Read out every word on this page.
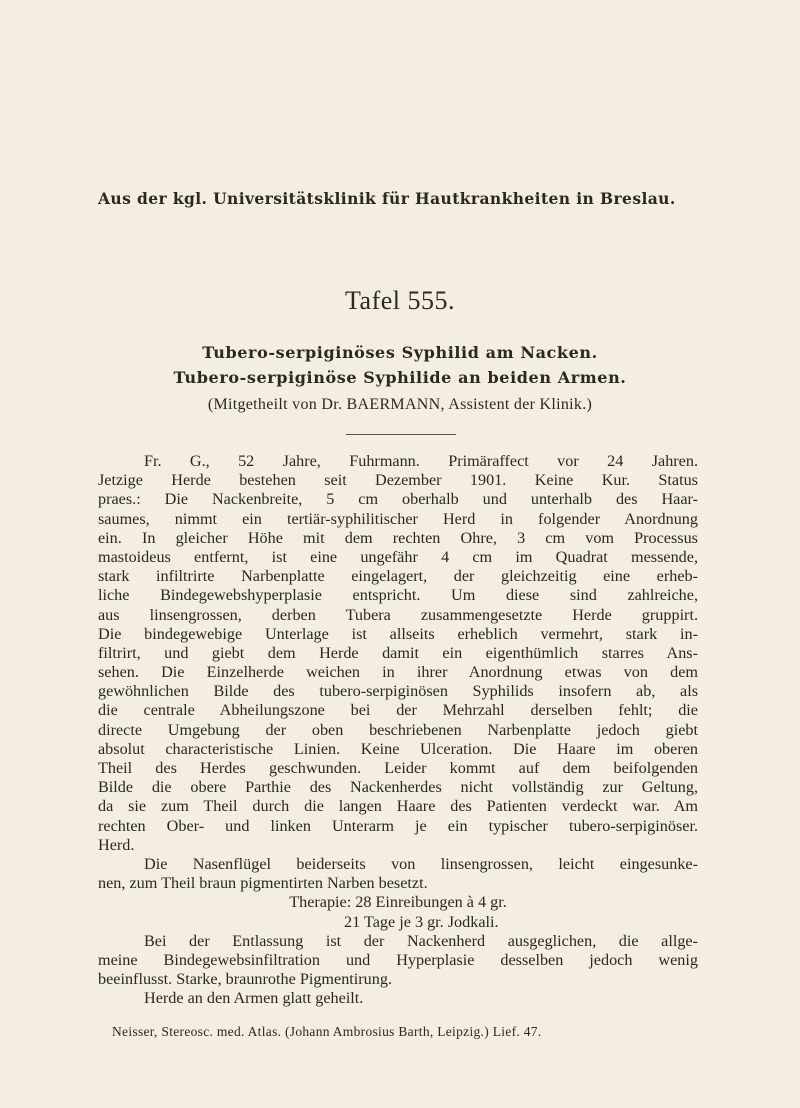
Aus der kgl. Universitätsklinik für Hautkrankheiten in Breslau.
Tafel 555.
Tubero-serpiginöses Syphilid am Nacken.
Tubero-serpiginöse Syphilide an beiden Armen.
(Mitgetheilt von Dr. BAERMANN, Assistent der Klinik.)
Fr. G., 52 Jahre, Fuhrmann. Primäraffect vor 24 Jahren.
Jetzige Herde bestehen seit Dezember 1901. Keine Kur. Status
praes.: Die Nackenbreite, 5 cm oberhalb und unterhalb des Haar-
saumes, nimmt ein tertiär-syphilitischer Herd in folgender Anordnung
ein. In gleicher Höhe mit dem rechten Ohre, 3 cm vom Processus
mastoideus entfernt, ist eine ungefähr 4 cm im Quadrat messende,
stark infiltrirte Narbenplatte eingelagert, der gleichzeitig eine erheb-
liche Bindegewebshyperplasie entspricht. Um diese sind zahlreiche,
aus linsengrossen, derben Tubera zusammengesetzte Herde gruppirt.
Die bindegewebige Unterlage ist allseits erheblich vermehrt, stark in-
filtrirt, und giebt dem Herde damit ein eigenthümlich starres Ans-
sehen. Die Einzelherde weichen in ihrer Anordnung etwas von dem
gewöhnlichen Bilde des tubero-serpiginösen Syphilids insofern ab, als
die centrale Abheilungszone bei der Mehrzahl derselben fehlt; die
directe Umgebung der oben beschriebenen Narbenplatte jedoch giebt
absolut characteristische Linien. Keine Ulceration. Die Haare im oberen
Theil des Herdes geschwunden. Leider kommt auf dem beifolgenden
Bilde die obere Parthie des Nackenherdes nicht vollständig zur Geltung,
da sie zum Theil durch die langen Haare des Patienten verdeckt war. Am
rechten Ober- und linken Unterarm je ein typischer tubero-serpiginöser.
Herd.
Die Nasenflügel beiderseits von linsengrossen, leicht eingesunke-
nen, zum Theil braun pigmentirten Narben besetzt.
Therapie: 28 Einreibungen à 4 gr.
21 Tage je 3 gr. Jodkali.
Bei der Entlassung ist der Nackenherd ausgeglichen, die allge-
meine Bindegewebsinfiltration und Hyperplasie desselben jedoch wenig
beeinflusst. Starke, braunrothe Pigmentirung.
Herde an den Armen glatt geheilt.
Neisser, Stereosc. med. Atlas. (Johann Ambrosius Barth, Leipzig.) Lief. 47.
